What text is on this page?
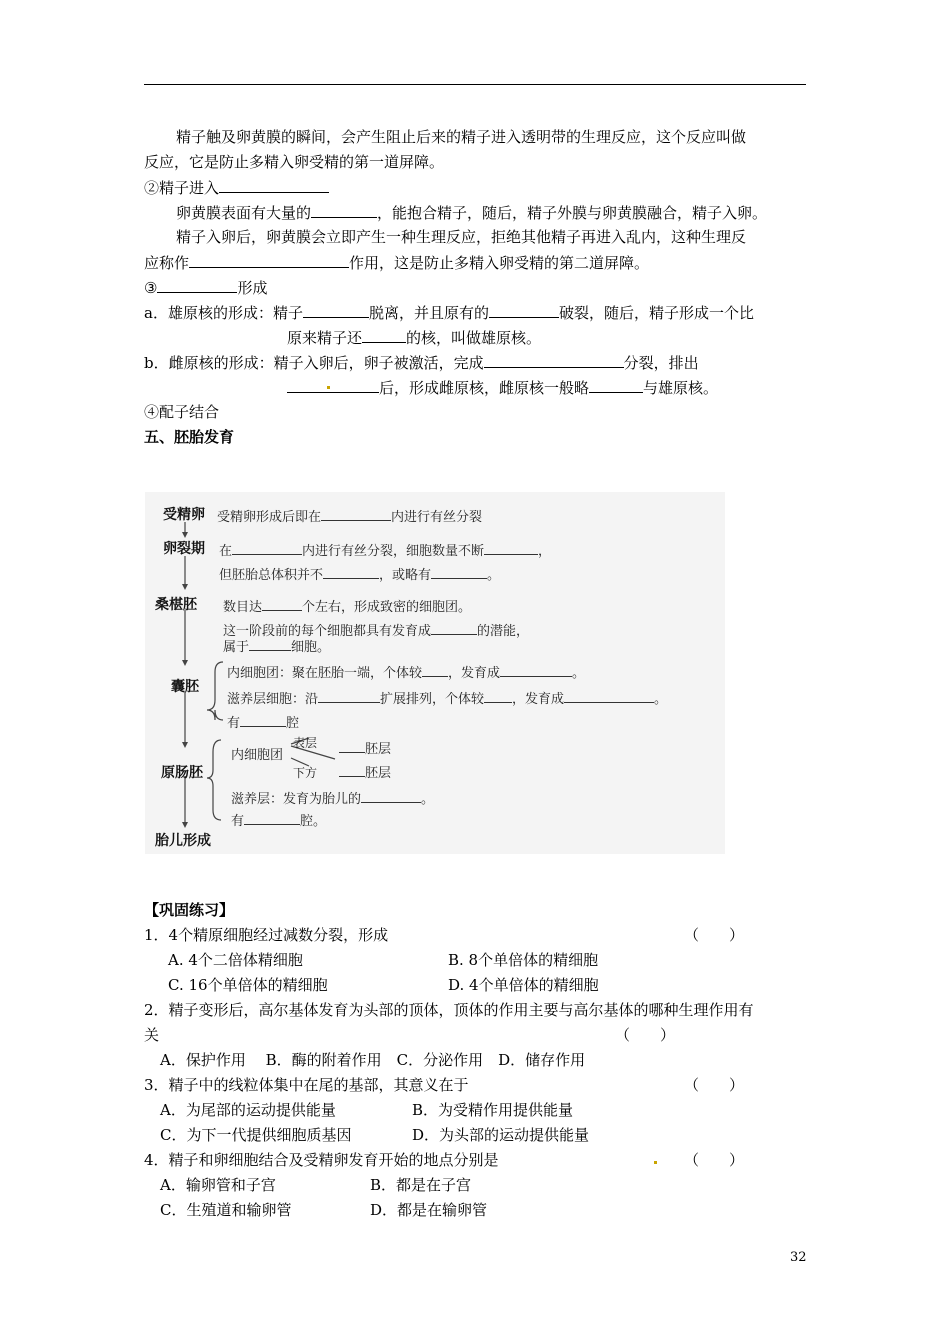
精子触及卵黄膜的瞬间，会产生阻止后来的精子进入透明带的生理反应，这个反应叫做
反应，它是防止多精入卵受精的第一道屏障。
②精子进入
卵黄膜表面有大量的	，能抱合精子，随后，精子外膜与卵黄膜融合，精子入卵。
精子入卵后，卵黄膜会立即产生一种生理反应，拒绝其他精子再进入乱内，这种生理反
应称作	作用，这是防止多精入卵受精的第二道屏障。
③	形成
a．雄原核的形成：精子	脱离，并且原有的	破裂，随后，精子形成一个比
原来精子还	的核，叫做雄原核。
b．雌原核的形成：精子入卵后，卵子被激活，完成	分裂，排出
后，形成雌原核，雌原核一般略	与雄原核。
④配子结合
五、胚胎发育
受精卵 受精卵形成后即在	内进行有丝分裂
卵裂期 在	内进行有丝分裂，细胞数量不断	，
但胚胎总体积并不	，或略有	。
桑椹胚 数目达	个左右，形成致密的细胞团。
这一阶段前的每个细胞都具有发育成	的潜能，
属于	细胞。
囊胚
内细胞团：聚在胚胎一端，个体较 ，发育成	。
滋养层细胞：沿	扩展排列，个体较 ，发育成	。
有	腔
原肠胚
内细胞团
表层
下方
胚层
胚层
滋养层：发育为胎儿的	。
有	腔。
胎儿形成
【巩固练习】
1．4个精原细胞经过减数分裂，形成	（　　）
A. 4个二倍体精细胞	B. 8个单倍体的精细胞
C. 16个单倍体的精细胞	D. 4个单倍体的精细胞
2．精子变形后，高尔基体发育为头部的顶体，顶体的作用主要与高尔基体的哪种生理作用有
关	（　　）
A．保护作用　 B．酶的附着作用　C．分泌作用　D．储存作用
3．精子中的线粒体集中在尾的基部，其意义在于	（　　）
A．为尾部的运动提供能量	B．为受精作用提供能量
C．为下一代提供细胞质基因	D．为头部的运动提供能量
4．精子和卵细胞结合及受精卵发育开始的地点分别是	（　　）
A．输卵管和子宫	B．都是在子宫
C．生殖道和输卵管	D．都是在输卵管
32
